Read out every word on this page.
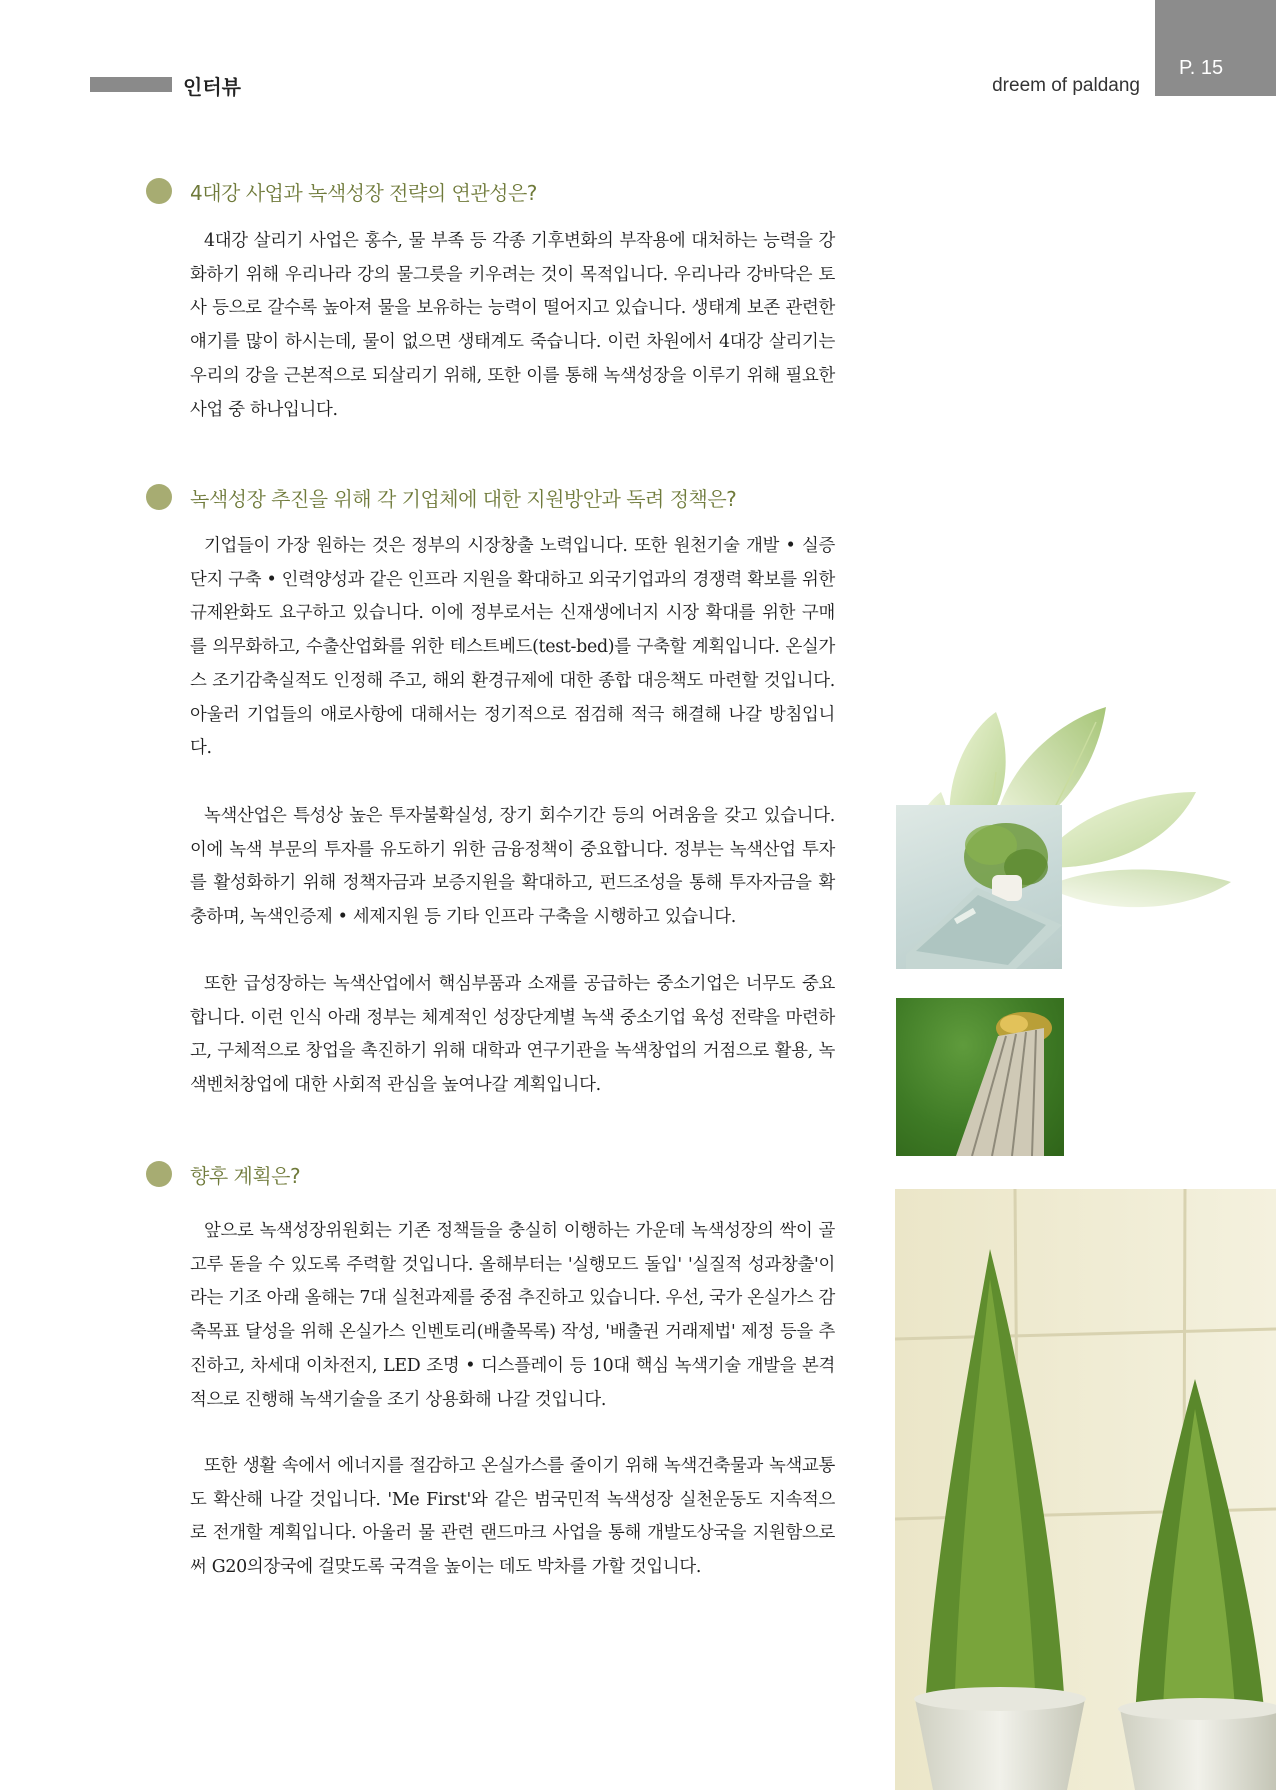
인터뷰	dreem of paldang
P. 15
4대강 사업과 녹색성장 전략의 연관성은?

4대강 살리기 사업은 홍수, 물 부족 등 각종 기후변화의 부작용에 대처하는 능력을 강화하기 위해 우리나라 강의 물그릇을 키우려는 것이 목적입니다. 우리나라 강바닥은 토사 등으로 갈수록 높아져 물을 보유하는 능력이 떨어지고 있습니다. 생태계 보존 관련한 얘기를 많이 하시는데, 물이 없으면 생태계도 죽습니다. 이런 차원에서 4대강 살리기는 우리의 강을 근본적으로 되살리기 위해, 또한 이를 통해 녹색성장을 이루기 위해 필요한 사업 중 하나입니다.

녹색성장 추진을 위해 각 기업체에 대한 지원방안과 독려 정책은?

기업들이 가장 원하는 것은 정부의 시장창출 노력입니다. 또한 원천기술 개발 • 실증단지 구축 • 인력양성과 같은 인프라 지원을 확대하고 외국기업과의 경쟁력 확보를 위한 규제완화도 요구하고 있습니다. 이에 정부로서는 신재생에너지 시장 확대를 위한 구매를 의무화하고, 수출산업화를 위한 테스트베드(test-bed)를 구축할 계획입니다. 온실가스 조기감축실적도 인정해 주고, 해외 환경규제에 대한 종합 대응책도 마련할 것입니다. 아울러 기업들의 애로사항에 대해서는 정기적으로 점검해 적극 해결해 나갈 방침입니다.

녹색산업은 특성상 높은 투자불확실성, 장기 회수기간 등의 어려움을 갖고 있습니다. 이에 녹색 부문의 투자를 유도하기 위한 금융정책이 중요합니다. 정부는 녹색산업 투자를 활성화하기 위해 정책자금과 보증지원을 확대하고, 펀드조성을 통해 투자자금을 확충하며, 녹색인증제 • 세제지원 등 기타 인프라 구축을 시행하고 있습니다.

또한 급성장하는 녹색산업에서 핵심부품과 소재를 공급하는 중소기업은 너무도 중요합니다. 이런 인식 아래 정부는 체계적인 성장단계별 녹색 중소기업 육성 전략을 마련하고, 구체적으로 창업을 촉진하기 위해 대학과 연구기관을 녹색창업의 거점으로 활용, 녹색벤처창업에 대한 사회적 관심을 높여나갈 계획입니다.

향후 계획은?

앞으로 녹색성장위원회는 기존 정책들을 충실히 이행하는 가운데 녹색성장의 싹이 골고루 돋을 수 있도록 주력할 것입니다. 올해부터는 '실행모드 돌입' '실질적 성과창출'이라는 기조 아래 올해는 7대 실천과제를 중점 추진하고 있습니다. 우선, 국가 온실가스 감축목표 달성을 위해 온실가스 인벤토리(배출목록) 작성, '배출권 거래제법' 제정 등을 추진하고, 차세대 이차전지, LED 조명 • 디스플레이 등 10대 핵심 녹색기술 개발을 본격적으로 진행해 녹색기술을 조기 상용화해 나갈 것입니다.

또한 생활 속에서 에너지를 절감하고 온실가스를 줄이기 위해 녹색건축물과 녹색교통도 확산해 나갈 것입니다. 'Me First'와 같은 범국민적 녹색성장 실천운동도 지속적으로 전개할 계획입니다. 아울러 물 관련 랜드마크 사업을 통해 개발도상국을 지원함으로써 G20의장국에 걸맞도록 국격을 높이는 데도 박차를 가할 것입니다.
